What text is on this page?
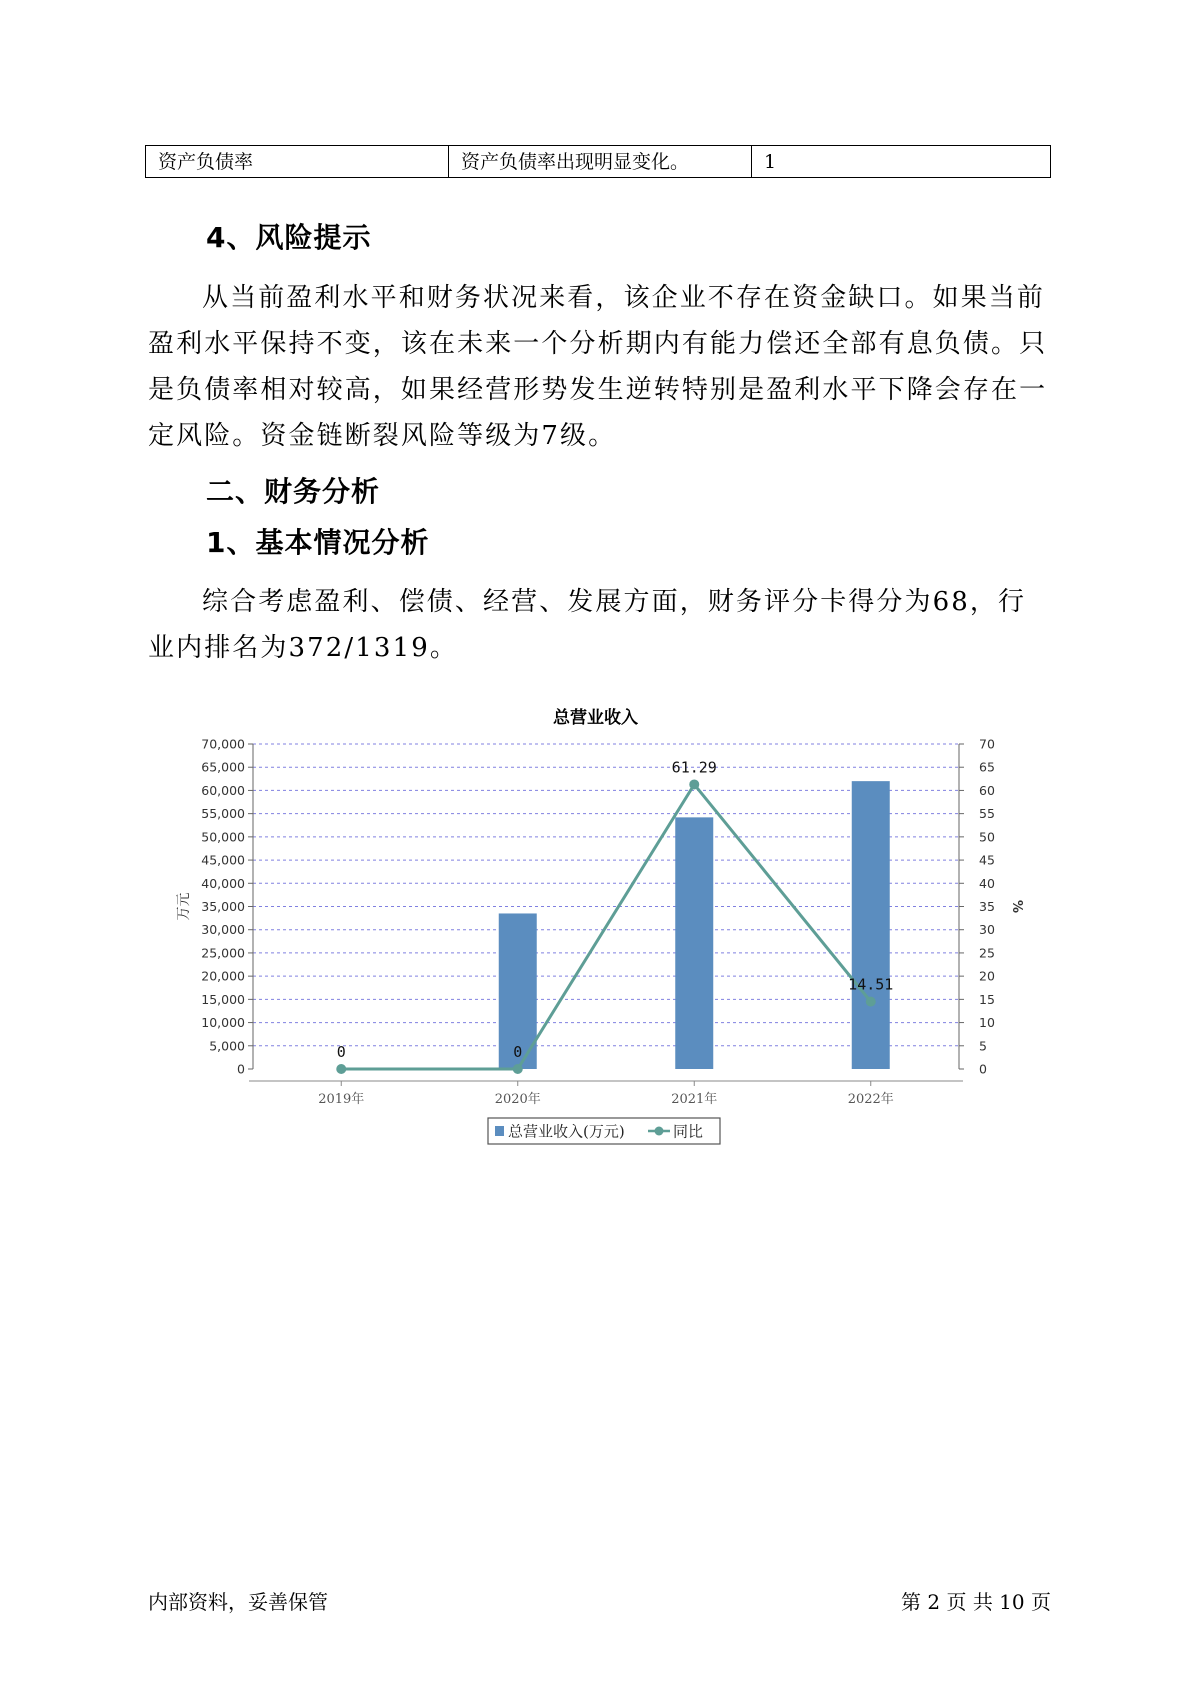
资产负债率	资产负债率出现明显变化。	1
4、风险提示
从当前盈利水平和财务状况来看，该企业不存在资金缺口。如果当前盈利水平保持不变，该在未来一个分析期内有能力偿还全部有息负债。只是负债率相对较高，如果经营形势发生逆转特别是盈利水平下降会存在一定风险。资金链断裂风险等级为7级。
二、财务分析
1、基本情况分析
综合考虑盈利、偿债、经营、发展方面，财务评分卡得分为68，行业内排名为372/1319。
总营业收入
0
5,000
10,000
15,000
20,000
25,000
30,000
35,000
40,000
45,000
50,000
55,000
60,000
65,000
70,000
0
5
10
15
20
25
30
35
40
45
50
55
60
65
70
2019年	2020年	2021年	2022年
0	0
61.29
14.51
万元	%
总营业收入(万元)	同比
内部资料，妥善保管	第 2 页 共 10 页
